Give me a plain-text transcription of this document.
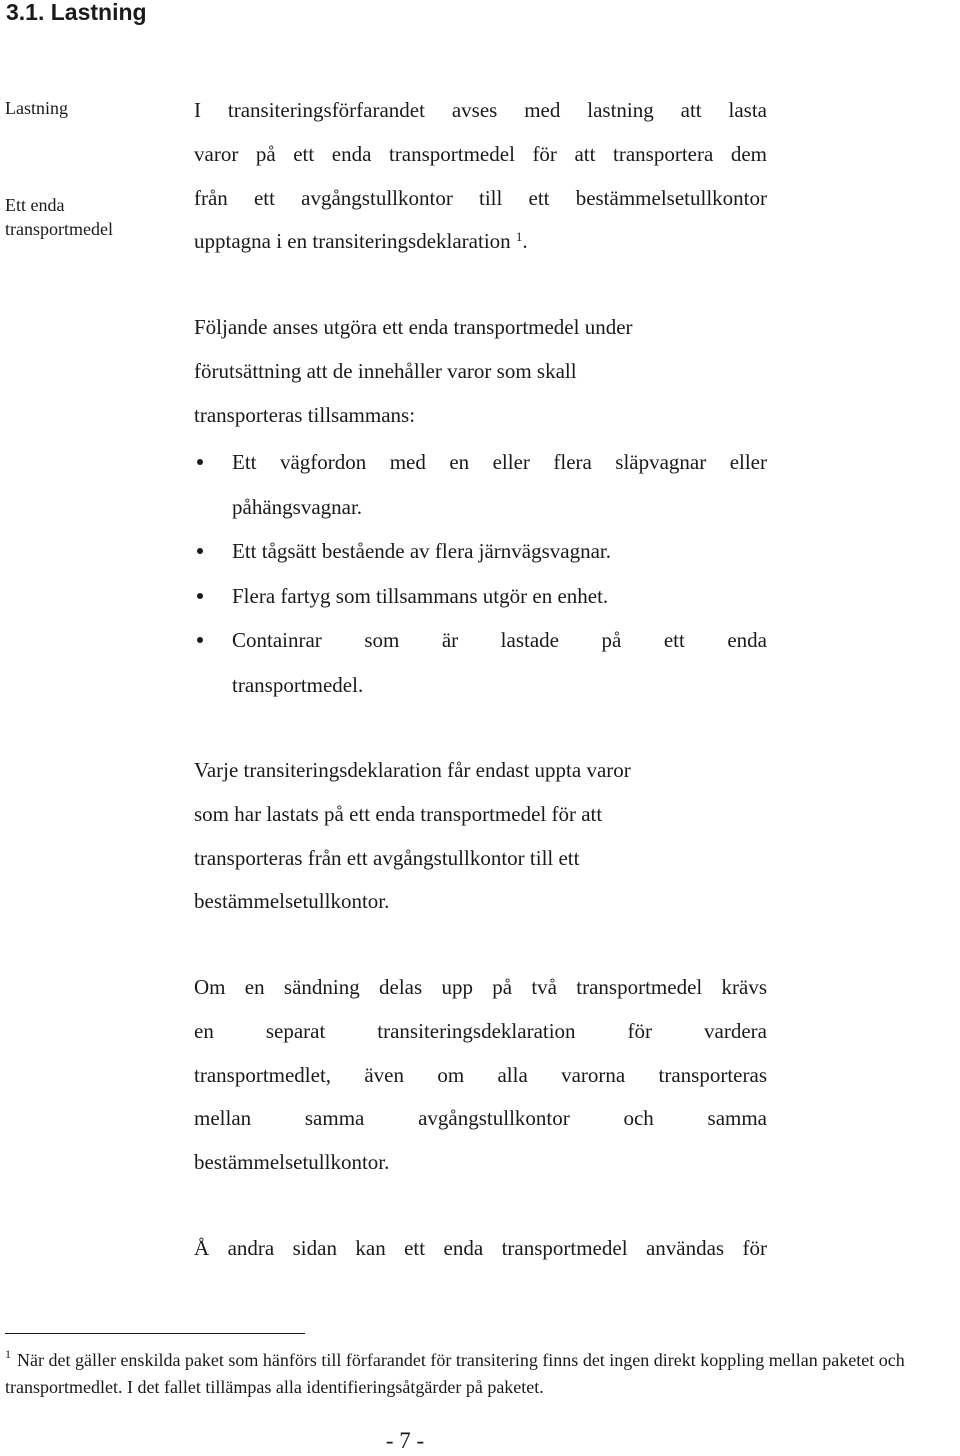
3.1. Lastning
Lastning
Ett enda transportmedel

I transiteringsförfarandet avses med lastning att lasta
varor på ett enda transportmedel för att transportera dem
från ett avgångstullkontor till ett bestämmelsetullkontor
upptagna i en transiteringsdeklaration $^1$.

Följande anses utgöra ett enda transportmedel under
förutsättning att de innehåller varor som skall
transporteras tillsammans:

Ett vägfordon med en eller flera släpvagnar eller
påhängsvagnar.
Ett tågsätt bestående av flera järnvägsvagnar.
Flera fartyg som tillsammans utgör en enhet.
Containrar som är lastade på ett enda
transportmedel.

Varje transiteringsdeklaration får endast uppta varor
som har lastats på ett enda transportmedel för att
transporteras från ett avgångstullkontor till ett
bestämmelsetullkontor.

Om en sändning delas upp på två transportmedel krävs
en separat transiteringsdeklaration för vardera
transportmedlet, även om alla varorna transporteras
mellan samma avgångstullkontor och samma
bestämmelsetullkontor.

Å andra sidan kan ett enda transportmedel användas för

$^1$ När det gäller enskilda paket som hänförs till förfarandet för transitering finns det ingen direkt koppling mellan paketet och transportmedlet. I det fallet tillämpas alla identifieringsåtgärder på paketet.

- 7 -
